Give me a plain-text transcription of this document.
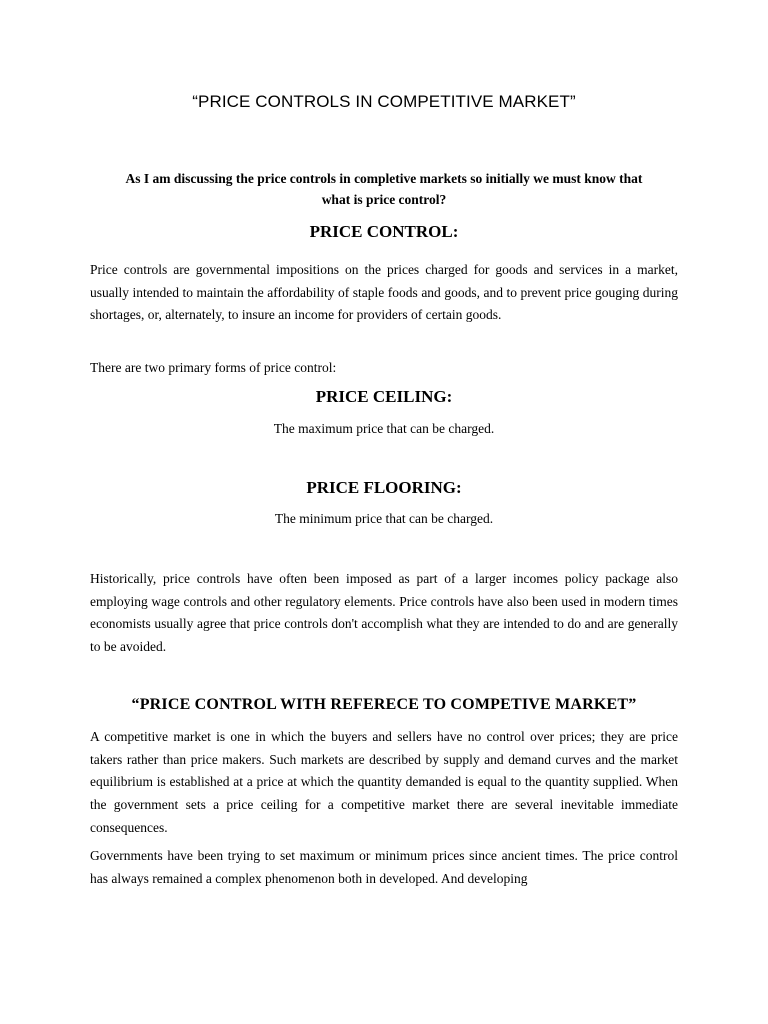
“PRICE CONTROLS IN COMPETITIVE MARKET”
As I am discussing the price controls in completive markets so initially we must know that
what is price control?
PRICE CONTROL:
Price controls are governmental impositions on the prices charged for goods and services in a market, usually intended to maintain the affordability of staple foods and goods, and to prevent price gouging during shortages, or, alternately, to insure an income for providers of certain goods.
There are two primary forms of price control:
PRICE CEILING:
The maximum price that can be charged.
PRICE FLOORING:
The minimum price that can be charged.
Historically, price controls have often been imposed as part of a larger incomes policy package also employing wage controls and other regulatory elements. Price controls have also been used in modern times economists usually agree that price controls don't accomplish what they are intended to do and are generally to be avoided.
“PRICE CONTROL WITH REFERECE TO COMPETIVE MARKET”
A competitive market is one in which the buyers and sellers have no control over prices; they are price takers rather than price makers. Such markets are described by supply and demand curves and the market equilibrium is established at a price at which the quantity demanded is equal to the quantity supplied. When the government sets a price ceiling for a competitive market there are several inevitable immediate consequences.
Governments have been trying to set maximum or minimum prices since ancient times. The price control has always remained a complex phenomenon both in developed. And developing
